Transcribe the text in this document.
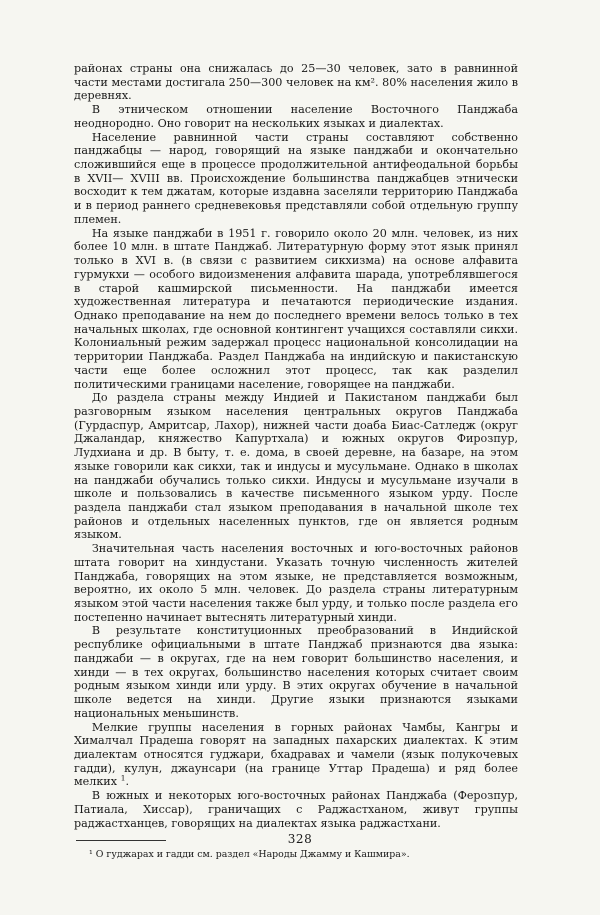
районах страны она снижалась до 25—30 человек, зато в равнинной части местами достигала 250—300 человек на км². 80% населения жило в деревнях.

В этническом отношении население Восточного Панджаба неоднородно. Оно говорит на нескольких языках и диалектах.

Население равнинной части страны составляют собственно панджабцы — народ, говорящий на языке панджаби и окончательно сложившийся еще в процессе продолжительной антифеодальной борьбы в XVII— XVIII вв. Происхождение большинства панджабцев этнически восходит к тем джатам, которые издавна заселяли территорию Панджаба и в период раннего средневековья представляли собой отдельную группу племен.

На языке панджаби в 1951 г. говорило около 20 млн. человек, из них более 10 млн. в штате Панджаб. Литературную форму этот язык принял только в XVI в. (в связи с развитием сикхизма) на основе алфавита гурмукхи — особого видоизменения алфавита шарада, употреблявшегося в старой кашмирской письменности. На панджаби имеется художественная литература и печатаются периодические издания. Однако преподавание на нем до последнего времени велось только в тех начальных школах, где основной контингент учащихся составляли сикхи. Колониальный режим задержал процесс национальной консолидации на территории Панджаба. Раздел Панджаба на индийскую и пакистанскую части еще более осложнил этот процесс, так как разделил политическими границами население, говорящее на панджаби.

До раздела страны между Индией и Пакистаном панджаби был разговорным языком населения центральных округов Панджаба (Гурдаспур, Амритсар, Лахор), нижней части доаба Биас-Сатледж (округ Джаландар, княжество Капуртхала) и южных округов Фирозпур, Лудхиана и др. В быту, т. е. дома, в своей деревне, на базаре, на этом языке говорили как сикхи, так и индусы и мусульмане. Однако в школах на панджаби обучались только сикхи. Индусы и мусульмане изучали в школе и пользовались в качестве письменного языком урду. После раздела панджаби стал языком преподавания в начальной школе тех районов и отдельных населенных пунктов, где он является родным языком.

Значительная часть населения восточных и юго-восточных районов штата говорит на хиндустани. Указать точную численность жителей Панджаба, говорящих на этом языке, не представляется возможным, вероятно, их около 5 млн. человек. До раздела страны литературным языком этой части населения также был урду, и только после раздела его постепенно начинает вытеснять литературный хинди.

В результате конституционных преобразований в Индийской республике официальными в штате Панджаб признаются два языка: панджаби — в округах, где на нем говорит большинство населения, и хинди — в тех округах, большинство населения которых считает своим родным языком хинди или урду. В этих округах обучение в начальной школе ведется на хинди. Другие языки признаются языками национальных меньшинств.

Мелкие группы населения в горных районах Чамбы, Кангры и Хималчал Прадеша говорят на западных пахарских диалектах. К этим диалектам относятся гуджари, бхадравах и чамели (язык полукочевых гадди), кулун, джаунсари (на границе Уттар Прадеша) и ряд более мелких $^1$.

В южных и некоторых юго-восточных районах Панджаба (Ферозпур, Патиала, Хиссар), граничащих с Раджастханом, живут группы раджастханцев, говорящих на диалектах языка раджастхани.

¹ О гуджарах и гадди см. раздел «Народы Джамму и Кашмира».

328
